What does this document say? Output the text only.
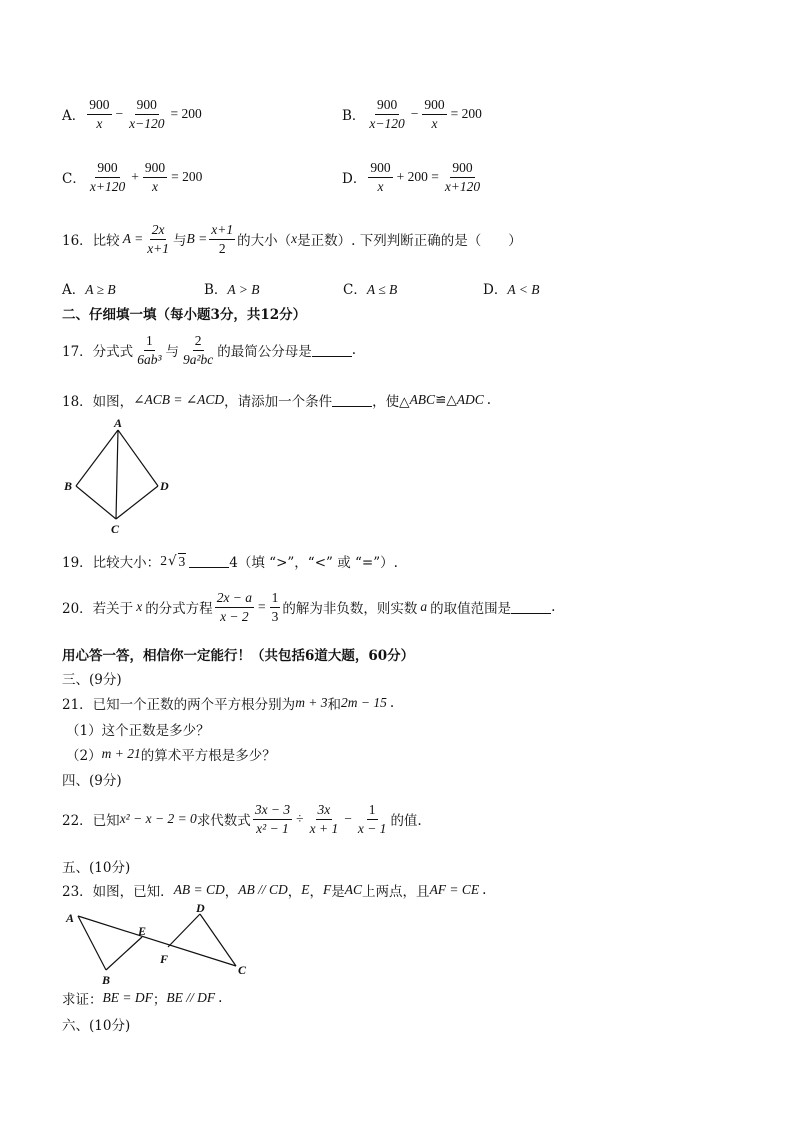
A． $\frac{900}{x} - \frac{900}{x-120} = 200$	B． $\frac{900}{x-120} - \frac{900}{x} = 200$
C． $\frac{900}{x+120} + \frac{900}{x} = 200$	D． $\frac{900}{x} + 200 = \frac{900}{x+120}$
16．比较 $A = \frac{2x}{x+1}$ 与 $B = \frac{x+1}{2}$ 的大小（ x 是正数）. 下列判断正确的是（　　）
A．A ≥ B	B．A > B	C．A ≤ B	D．A < B
二、仔细填一填（每小题3分，共12分）
17．分式式 $\frac{1}{\text{6ab³}}$ 与 $\frac{2}{\text{9a²bc}}$ 的最简公分母是	.
18．如图， ∠ACB = ∠ACD ，请添加一个条件	，使△ ABC ≌△ ADC .
A
B	D
C
19．比较大小： 2 √ 3	4（填 “>”，“<” 或 “=”）.
20．若关于 x 的分式方程 $\frac{2x - a}{x - 2} = \frac{1}{3}$ 的解为非负数，则实数 a 的取值范围是	.
用心答一答，相信你一定能行！（共包括6道大题，60分）
三、(9分)
21．已知一个正数的两个平方根分别为 m + 3 和 2m − 15 .
（1）这个正数是多少？
（2） m + 21 的算术平方根是多少？
四、(9分)
22．已知 x² − x − 2 = 0 求代数式 $\frac{3x - 3}{\text{x² − 1}} \div \frac{3x}{x + 1} - \frac{1}{x - 1}$ 的值.
五、(10分)
23．如图，已知． AB = CD ， AB // CD ， E ， F 是 AC 上两点，且 AF = CE .
A
B
E
F
D
C
求证： BE = DF ； BE // DF .
六、(10分)
